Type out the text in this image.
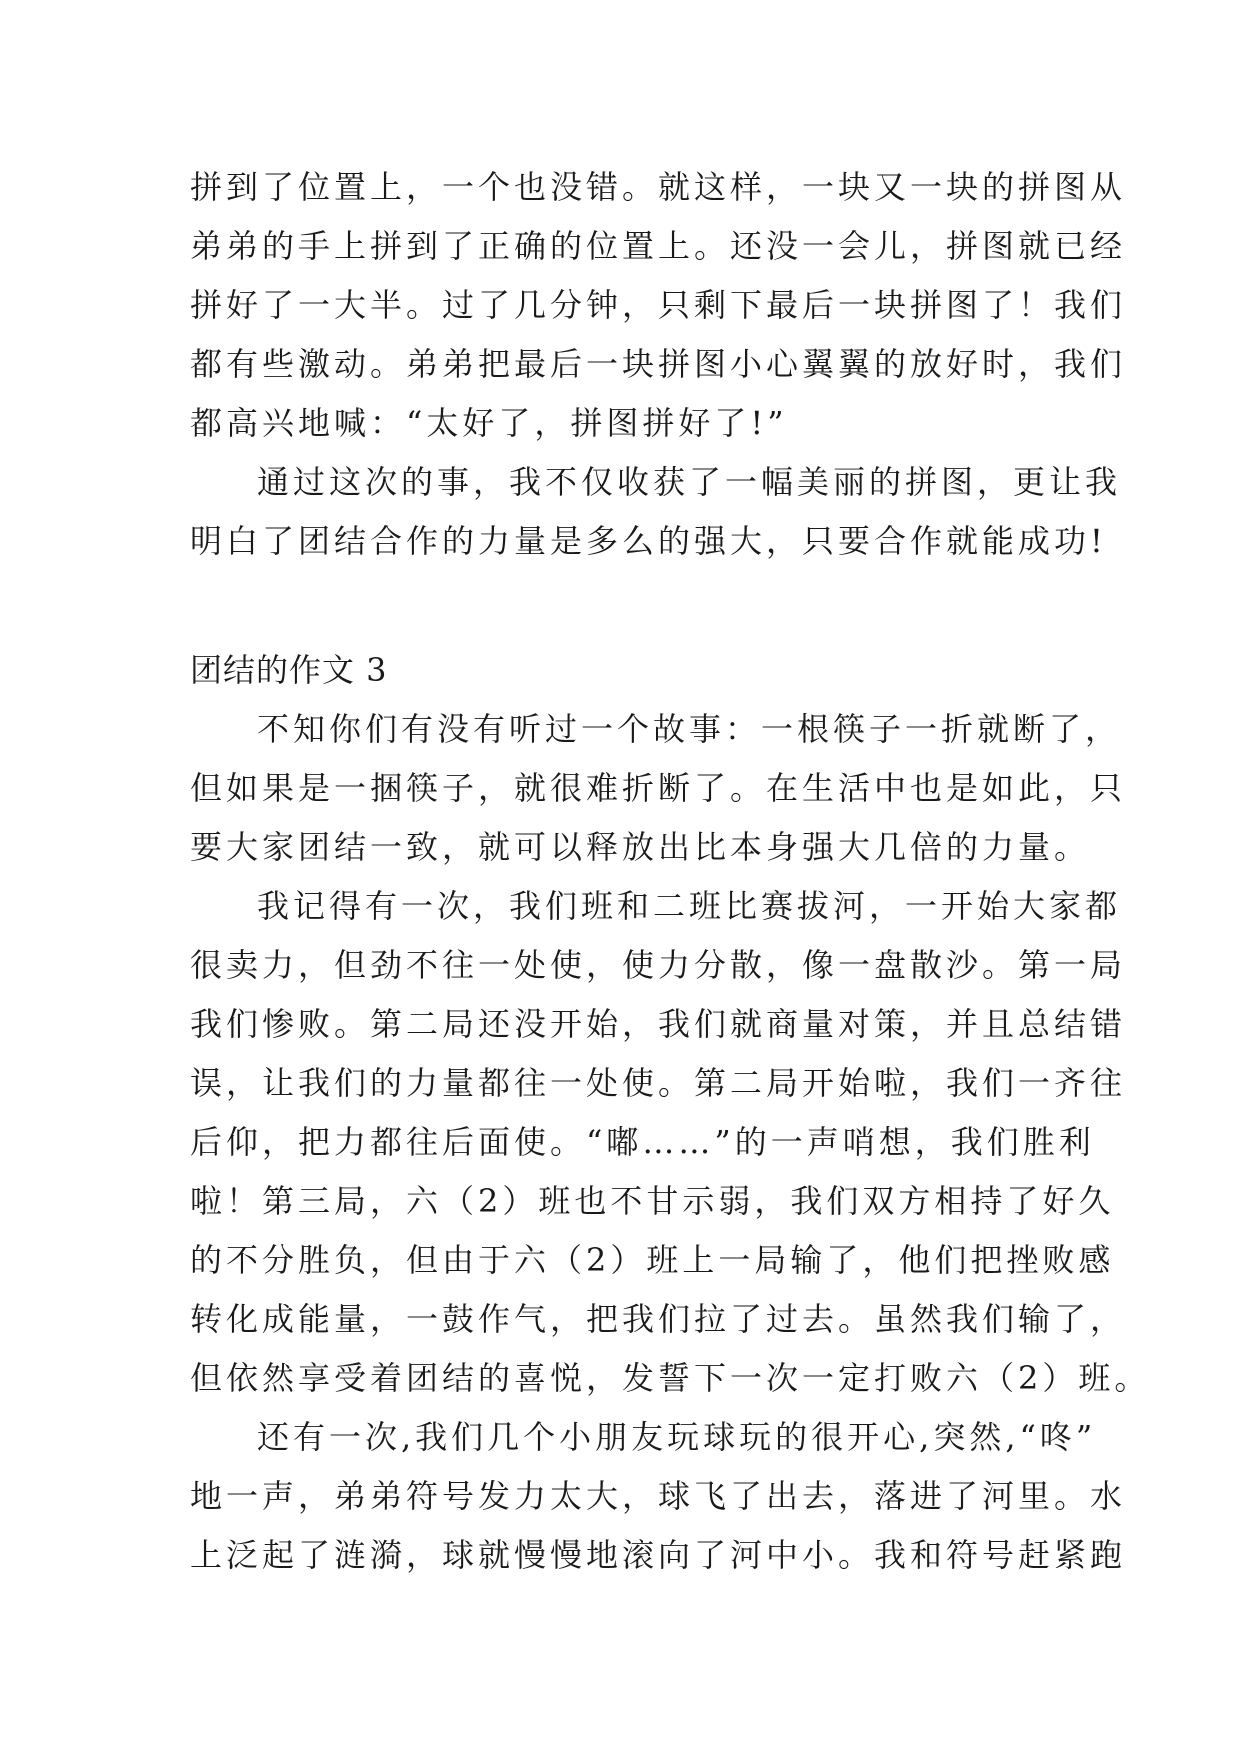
拼到了位置上，一个也没错。就这样，一块又一块的拼图从
弟弟的手上拼到了正确的位置上。还没一会儿，拼图就已经
拼好了一大半。过了几分钟，只剩下最后一块拼图了！我们
都有些激动。弟弟把最后一块拼图小心翼翼的放好时，我们
都高兴地喊：“太好了，拼图拼好了!”
通过这次的事，我不仅收获了一幅美丽的拼图，更让我
明白了团结合作的力量是多么的强大，只要合作就能成功!
团结的作文 3
不知你们有没有听过一个故事：一根筷子一折就断了，
但如果是一捆筷子，就很难折断了。在生活中也是如此，只
要大家团结一致，就可以释放出比本身强大几倍的力量。
我记得有一次，我们班和二班比赛拔河，一开始大家都
很卖力，但劲不往一处使，使力分散，像一盘散沙。第一局
我们惨败。第二局还没开始，我们就商量对策，并且总结错
误，让我们的力量都往一处使。第二局开始啦，我们一齐往
后仰，把力都往后面使。“嘟……”的一声哨想，我们胜利
啦！第三局，六（2）班也不甘示弱，我们双方相持了好久
的不分胜负，但由于六（2）班上一局输了，他们把挫败感
转化成能量，一鼓作气，把我们拉了过去。虽然我们输了，
但依然享受着团结的喜悦，发誓下一次一定打败六（2）班。
还有一次,我们几个小朋友玩球玩的很开心,突然,“咚”
地一声，弟弟符号发力太大，球飞了出去，落进了河里。水
上泛起了涟漪，球就慢慢地滚向了河中小。我和符号赶紧跑
